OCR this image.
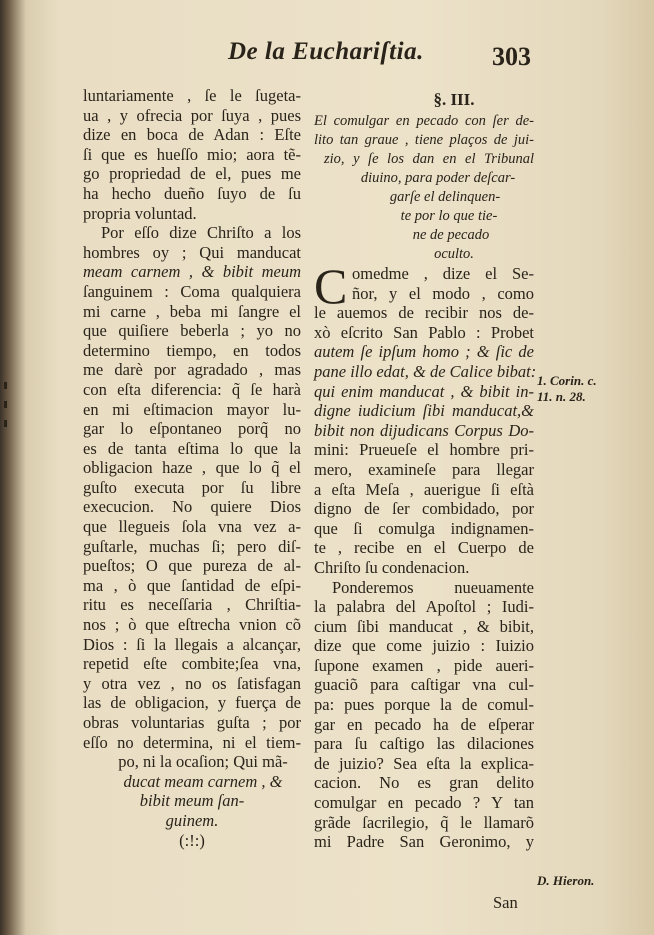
De la Euchariſtia.	303
luntariamente , ſe le ſugeta-
ua , y ofrecia por ſuya , pues
dize en boca de Adan : Eſte
ſi que es hueſſo mio; aora tẽ-
go propriedad de el, pues me
ha hecho dueño ſuyo de ſu
propria voluntad.
Por eſſo dize Chriſto a los
hombres oy ; Qui manducat
meam carnem , & bibit meum
ſanguinem : Coma qualquiera
mi carne , beba mi ſangre el
que quiſiere beberla ; yo no
determino tiempo, en todos
me darè por agradado , mas
con eſta diferencia: q̃ ſe harà
en mi eſtimacion mayor lu-
gar lo eſpontaneo porq̃ no
es de tanta eſtima lo que la
obligacion haze , que lo q̃ el
guſto executa por ſu libre
execucion. No quiere Dios
que llegueis ſola vna vez a-
guſtarle, muchas ſi; pero diſ-
pueſtos; O que pureza de al-
ma , ò que ſantidad de eſpi-
ritu es neceſſaria , Chriſtia-
nos ; ò que eſtrecha vnion cõ
Dios : ſi la llegais a alcançar,
repetid eſte combite;ſea vna,
y otra vez , no os ſatisfagan
las de obligacion, y fuerça de
obras voluntarias guſta ; por
eſſo no determina, ni el tiem-
po, ni la ocaſion; Qui mã-
ducat meam carnem , &
bibit meum ſan-
guinem.
(:!:)
§. III.
El comulgar en pecado con ſer de-
lito tan graue , tiene plaços de jui-
zio, y ſe los dan en el Tribunal
diuino, para poder deſcar-
garſe el delinquen-
te por lo que tie-
ne de pecado
oculto.
C omedme , dize el Se-
ñor, y el modo , como
le auemos de recibir nos de-
xò eſcrito San Pablo : Probet
autem ſe ipſum homo ; & ſic de
pane illo edat, & de Calice bibat:
qui enim manducat , & bibit in-
digne iudicium ſibi manducat,&
bibit non dijudicans Corpus Do-
mini: Prueueſe el hombre pri-
mero, examineſe para llegar
a eſta Meſa , auerigue ſi eſtà
digno de ſer combidado, por
que ſi comulga indignamen-
te , recibe en el Cuerpo de
Chriſto ſu condenacion.
Ponderemos nueuamente
la palabra del Apoſtol ; Iudi-
cium ſibi manducat , & bibit,
dize que come juizio : Iuizio
ſupone examen , pide aueri-
guaciõ para caſtigar vna cul-
pa: pues porque la de comul-
gar en pecado ha de eſperar
para ſu caſtigo las dilaciones
de juizio? Sea eſta la explica-
cacion. No es gran delito
comulgar en pecado ? Y tan
grãde ſacrilegio, q̃ le llamarõ
mi Padre San Geronimo, y
1. Corin. c.
11. n. 28.
D. Hieron.
San
